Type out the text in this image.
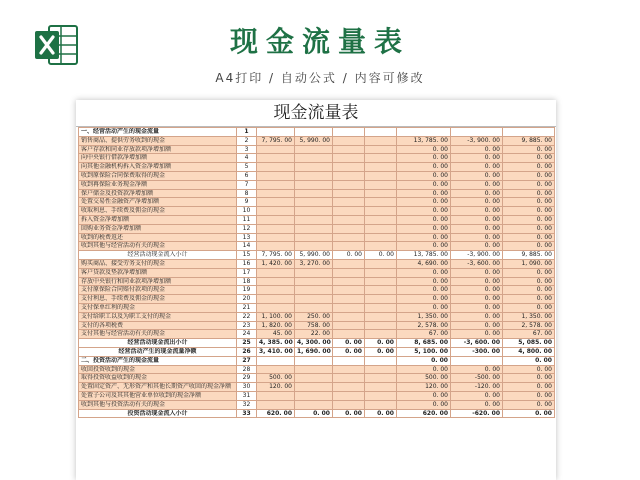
现金流量表
A4打印 / 自动公式 / 内容可修改
现金流量表
一、经营活动产生的现金流量	1							
销售商品、提供劳务收到的现金	2	7, 795. 00	5, 990. 00			13, 785. 00	-3, 900. 00	9, 885. 00
客户存款和同业存放款项净增加额	3					0. 00	0. 00	0. 00
向中央银行借款净增加额	4					0. 00	0. 00	0. 00
向其他金融机构拆入资金净增加额	5					0. 00	0. 00	0. 00
收到原保险合同保费取得的现金	6					0. 00	0. 00	0. 00
收到再保险业务现金净额	7					0. 00	0. 00	0. 00
保户储金及投资款净增加额	8					0. 00	0. 00	0. 00
处置交易性金融资产净增加额	9					0. 00	0. 00	0. 00
收取利息、手续费及佣金的现金	10					0. 00	0. 00	0. 00
拆入资金净增加额	11					0. 00	0. 00	0. 00
回购业务资金净增加额	12					0. 00	0. 00	0. 00
收到的税费返还	13					0. 00	0. 00	0. 00
收到其他与经营活动有关的现金	14					0. 00	0. 00	0. 00
经营活动现金流入小计	15	7, 795. 00	5, 990. 00	0. 00	0. 00	13, 785. 00	-3, 900. 00	9, 885. 00
购买商品、接受劳务支付的现金	16	1, 420. 00	3, 270. 00			4, 690. 00	-3, 600. 00	1, 090. 00
客户贷款及垫款净增加额	17					0. 00	0. 00	0. 00
存放中央银行和同业款项净增加额	18					0. 00	0. 00	0. 00
支付原保险合同赔付款项的现金	19					0. 00	0. 00	0. 00
支付利息、手续费及佣金的现金	20					0. 00	0. 00	0. 00
支付保单红利的现金	21					0. 00	0. 00	0. 00
支付给职工以及为职工支付的现金	22	1, 100. 00	250. 00			1, 350. 00	0. 00	1, 350. 00
支付的各项税费	23	1, 820. 00	758. 00			2, 578. 00	0. 00	2, 578. 00
支付其他与经营活动有关的现金	24	45. 00	22. 00			67. 00	0. 00	67. 00
经营活动现金流出小计	25	4, 385. 00	4, 300. 00	0. 00	0. 00	8, 685. 00	-3, 600. 00	5, 085. 00
经营活动产生的现金流量净额	26	3, 410. 00	1, 690. 00	0. 00	0. 00	5, 100. 00	-300. 00	4, 800. 00
二、投资活动产生的现金流量	27					0. 00		0. 00
收回投资收到的现金	28					0. 00	0. 00	0. 00
取得投资收益收到的现金	29	500. 00				500. 00	-500. 00	0. 00
处置固定资产、无形资产和其他长期资产收回的现金净额	30	120. 00				120. 00	-120. 00	0. 00
处置子公司及其其他营业单位收到的现金净额	31					0. 00	0. 00	0. 00
收到其他与投资活动有关的现金	32					0. 00	0. 00	0. 00
投资活动现金流入小计	33	620. 00	0. 00	0. 00	0. 00	620. 00	-620. 00	0. 00
